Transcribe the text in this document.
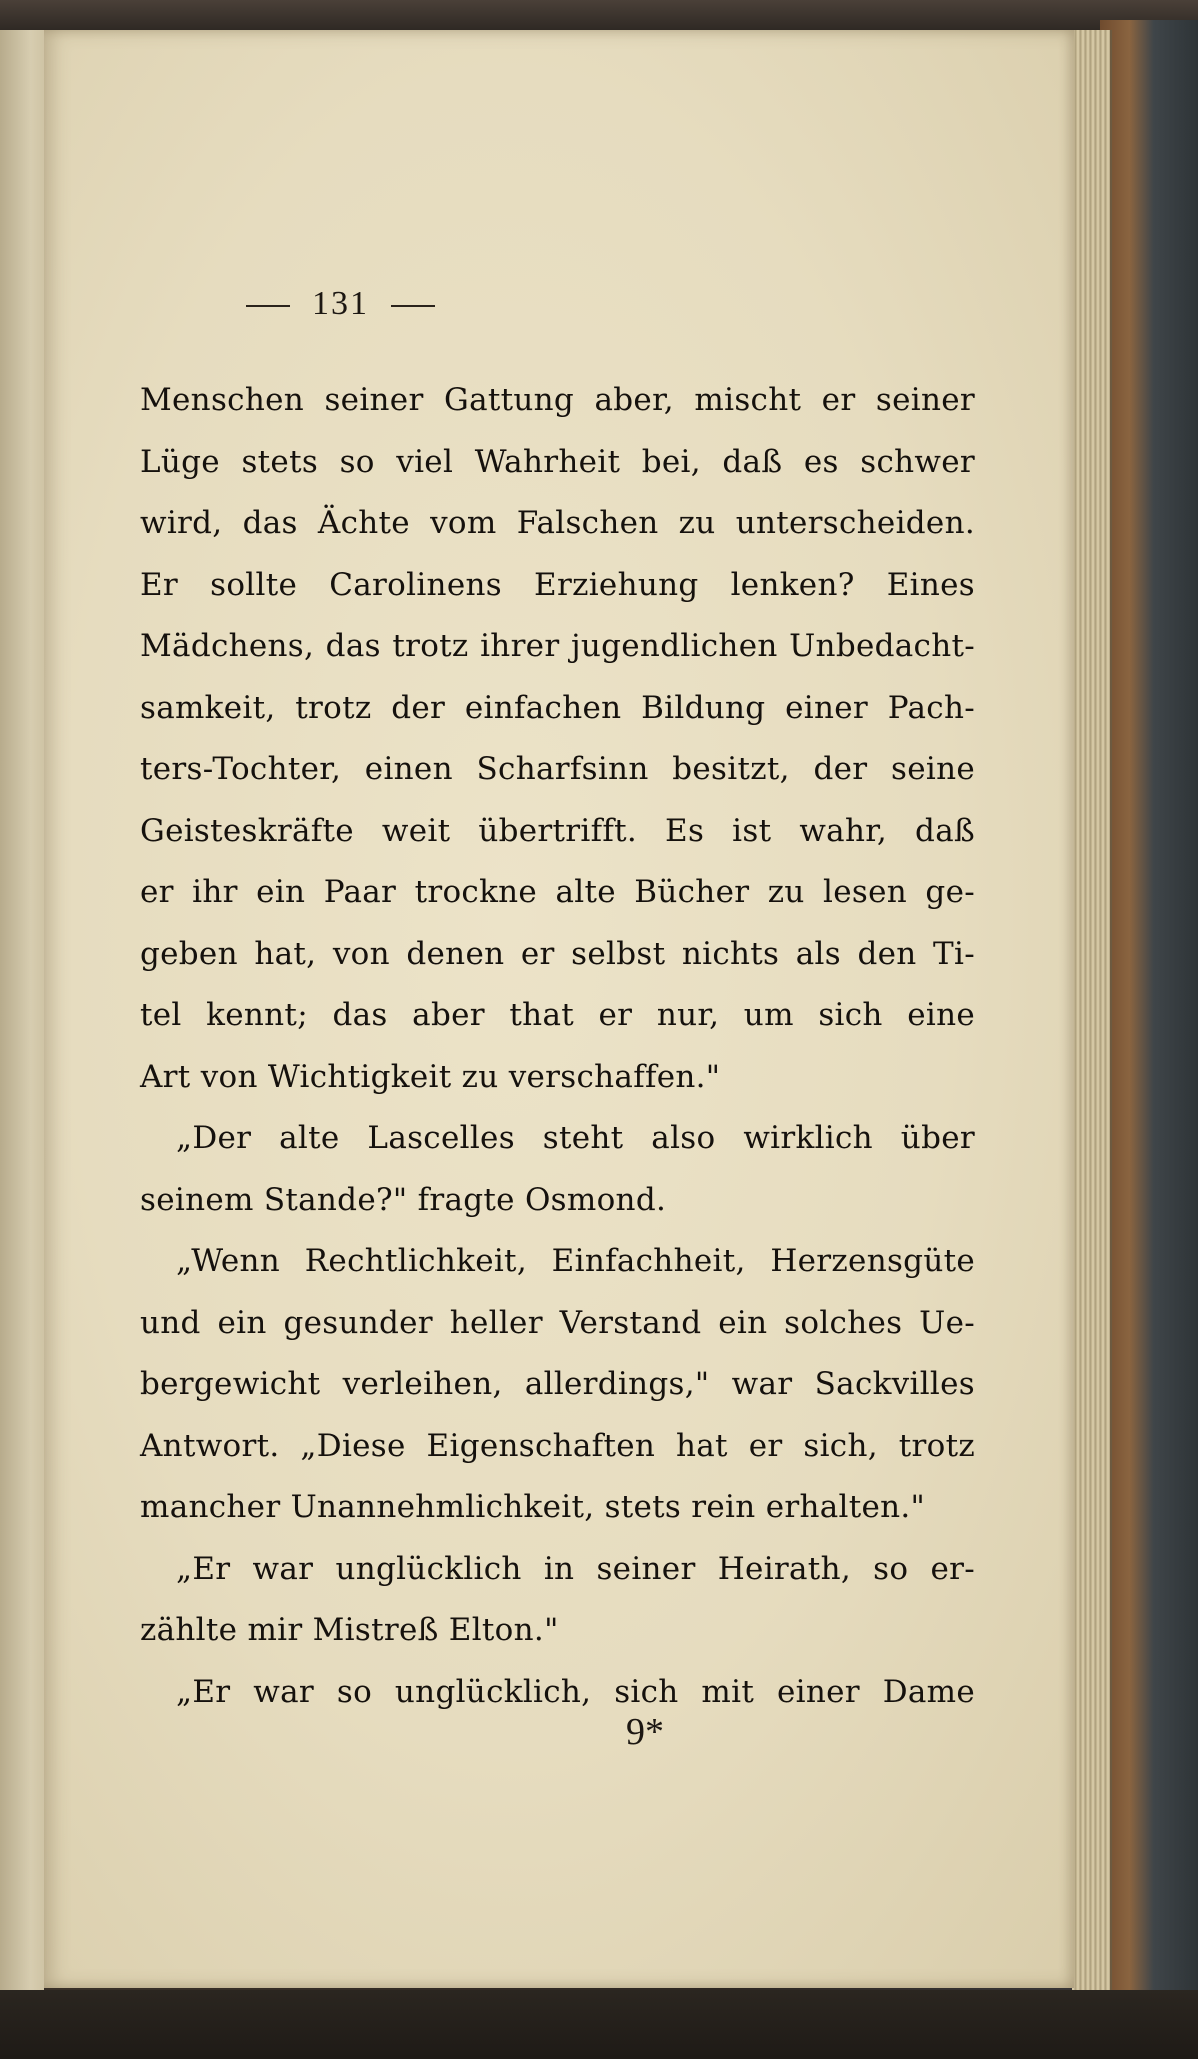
131
Menschen seiner Gattung aber, mischt er seiner
Lüge stets so viel Wahrheit bei, daß es schwer
wird, das Ächte vom Falschen zu unterscheiden.
Er sollte Carolinens Erziehung lenken? Eines
Mädchens, das trotz ihrer jugendlichen Unbedacht-
samkeit, trotz der einfachen Bildung einer Pach-
ters-Tochter, einen Scharfsinn besitzt, der seine
Geisteskräfte weit übertrifft. Es ist wahr, daß
er ihr ein Paar trockne alte Bücher zu lesen ge-
geben hat, von denen er selbst nichts als den Ti-
tel kennt; das aber that er nur, um sich eine
Art von Wichtigkeit zu verschaffen."
„Der alte Lascelles steht also wirklich über
seinem Stande?" fragte Osmond.
„Wenn Rechtlichkeit, Einfachheit, Herzensgüte
und ein gesunder heller Verstand ein solches Ue-
bergewicht verleihen, allerdings," war Sackvilles
Antwort. „Diese Eigenschaften hat er sich, trotz
mancher Unannehmlichkeit, stets rein erhalten."
„Er war unglücklich in seiner Heirath, so er-
zählte mir Mistreß Elton."
„Er war so unglücklich, sich mit einer Dame
9*
